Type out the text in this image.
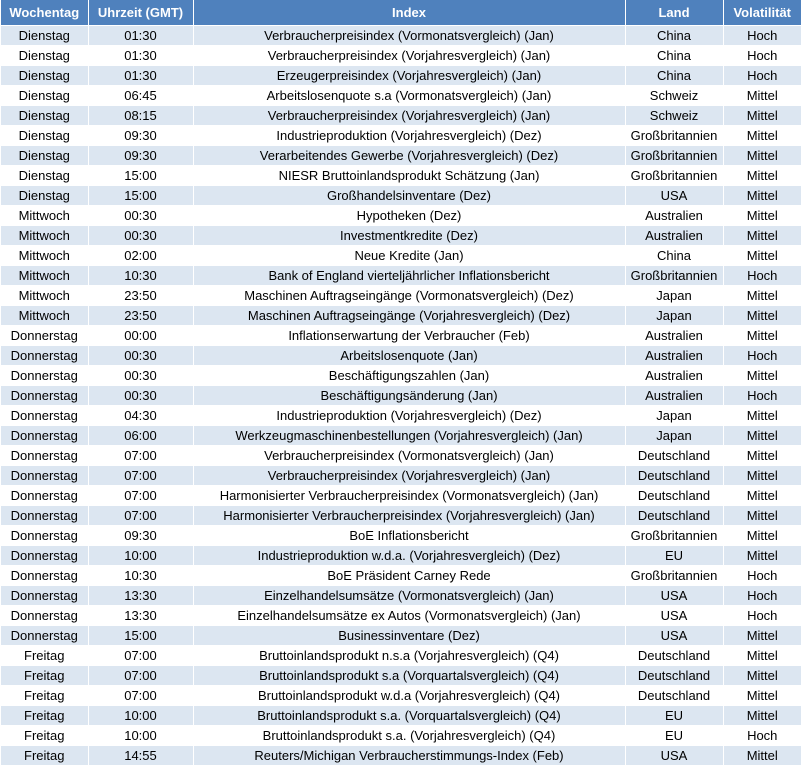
Wochentag	Uhrzeit (GMT)	Index	Land	Volatilität
Dienstag	01:30	Verbraucherpreisindex (Vormonatsvergleich) (Jan)	China	Hoch
Dienstag	01:30	Verbraucherpreisindex (Vorjahresvergleich) (Jan)	China	Hoch
Dienstag	01:30	Erzeugerpreisindex (Vorjahresvergleich) (Jan)	China	Hoch
Dienstag	06:45	Arbeitslosenquote s.a (Vormonatsvergleich) (Jan)	Schweiz	Mittel
Dienstag	08:15	Verbraucherpreisindex (Vorjahresvergleich) (Jan)	Schweiz	Mittel
Dienstag	09:30	Industrieproduktion (Vorjahresvergleich) (Dez)	Großbritannien	Mittel
Dienstag	09:30	Verarbeitendes Gewerbe (Vorjahresvergleich) (Dez)	Großbritannien	Mittel
Dienstag	15:00	NIESR Bruttoinlandsprodukt Schätzung (Jan)	Großbritannien	Mittel
Dienstag	15:00	Großhandelsinventare (Dez)	USA	Mittel
Mittwoch	00:30	Hypotheken (Dez)	Australien	Mittel
Mittwoch	00:30	Investmentkredite (Dez)	Australien	Mittel
Mittwoch	02:00	Neue Kredite (Jan)	China	Mittel
Mittwoch	10:30	Bank of England vierteljährlicher Inflationsbericht	Großbritannien	Hoch
Mittwoch	23:50	Maschinen Auftragseingänge (Vormonatsvergleich) (Dez)	Japan	Mittel
Mittwoch	23:50	Maschinen Auftragseingänge (Vorjahresvergleich) (Dez)	Japan	Mittel
Donnerstag	00:00	Inflationserwartung der Verbraucher (Feb)	Australien	Mittel
Donnerstag	00:30	Arbeitslosenquote (Jan)	Australien	Hoch
Donnerstag	00:30	Beschäftigungszahlen (Jan)	Australien	Mittel
Donnerstag	00:30	Beschäftigungsänderung (Jan)	Australien	Hoch
Donnerstag	04:30	Industrieproduktion (Vorjahresvergleich) (Dez)	Japan	Mittel
Donnerstag	06:00	Werkzeugmaschinenbestellungen (Vorjahresvergleich) (Jan)	Japan	Mittel
Donnerstag	07:00	Verbraucherpreisindex (Vormonatsvergleich) (Jan)	Deutschland	Mittel
Donnerstag	07:00	Verbraucherpreisindex (Vorjahresvergleich) (Jan)	Deutschland	Mittel
Donnerstag	07:00	Harmonisierter Verbraucherpreisindex (Vormonatsvergleich) (Jan)	Deutschland	Mittel
Donnerstag	07:00	Harmonisierter Verbraucherpreisindex (Vorjahresvergleich) (Jan)	Deutschland	Mittel
Donnerstag	09:30	BoE Inflationsbericht	Großbritannien	Mittel
Donnerstag	10:00	Industrieproduktion w.d.a. (Vorjahresvergleich) (Dez)	EU	Mittel
Donnerstag	10:30	BoE Präsident Carney Rede	Großbritannien	Hoch
Donnerstag	13:30	Einzelhandelsumsätze (Vormonatsvergleich) (Jan)	USA	Hoch
Donnerstag	13:30	Einzelhandelsumsätze ex Autos (Vormonatsvergleich) (Jan)	USA	Hoch
Donnerstag	15:00	Businessinventare (Dez)	USA	Mittel
Freitag	07:00	Bruttoinlandsprodukt n.s.a (Vorjahresvergleich) (Q4)	Deutschland	Mittel
Freitag	07:00	Bruttoinlandsprodukt s.a (Vorquartalsvergleich) (Q4)	Deutschland	Mittel
Freitag	07:00	Bruttoinlandsprodukt w.d.a (Vorjahresvergleich) (Q4)	Deutschland	Mittel
Freitag	10:00	Bruttoinlandsprodukt s.a. (Vorquartalsvergleich) (Q4)	EU	Mittel
Freitag	10:00	Bruttoinlandsprodukt s.a. (Vorjahresvergleich) (Q4)	EU	Hoch
Freitag	14:55	Reuters/Michigan Verbraucherstimmungs-Index (Feb)	USA	Mittel
